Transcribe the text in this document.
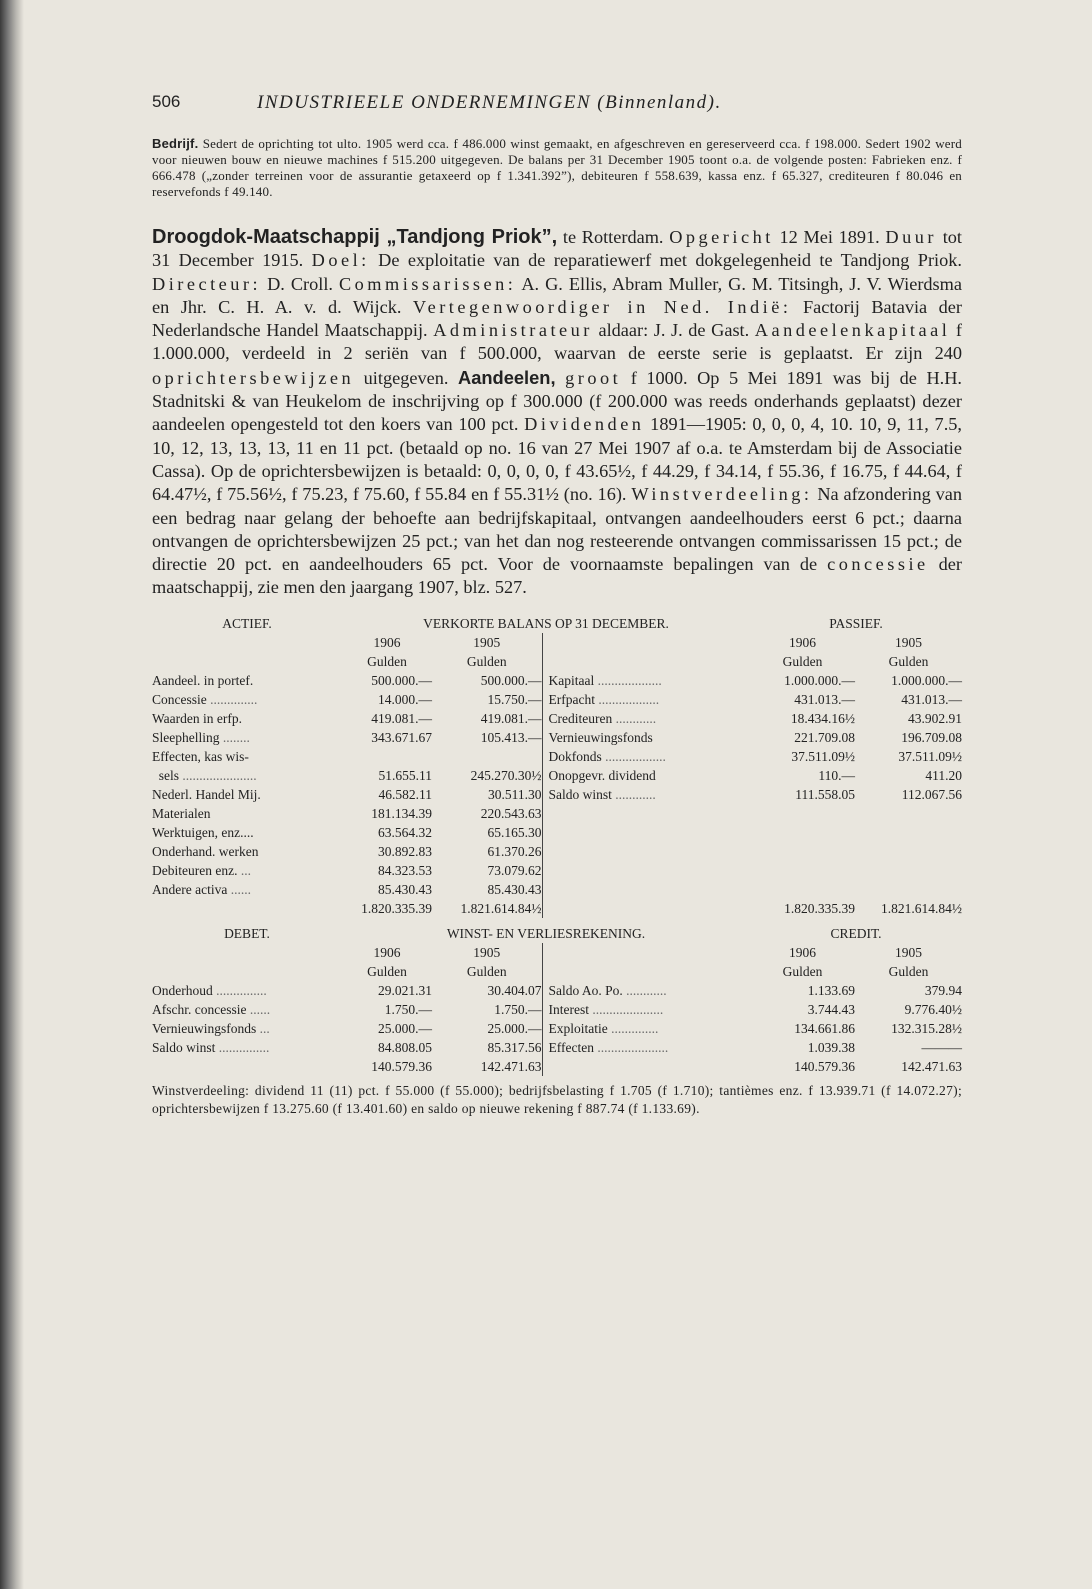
506	INDUSTRIEELE ONDERNEMINGEN (Binnenland).
Bedrijf. Sedert de oprichting tot ulto. 1905 werd cca. f 486.000 winst gemaakt, en afgeschreven en gereserveerd cca. f 198.000. Sedert 1902 werd voor nieuwen bouw en nieuwe machines f 515.200 uitgegeven. De balans per 31 December 1905 toont o.a. de volgende posten: Fabrieken enz. f 666.478 („zonder terreinen voor de assurantie getaxeerd op f 1.341.392”), debiteuren f 558.639, kassa enz. f 65.327, crediteuren f 80.046 en reservefonds f 49.140.

Droogdok-Maatschappij „Tandjong Priok”, te Rotterdam. Opgericht 12 Mei 1891. Duur tot 31 December 1915. Doel: De exploitatie van de reparatiewerf met dokgelegenheid te Tandjong Priok. Directeur: D. Croll. Commissarissen: A. G. Ellis, Abram Muller, G. M. Titsingh, J. V. Wierdsma en Jhr. C. H. A. v. d. Wijck. Vertegenwoordiger in Ned. Indië: Factorij Batavia der Nederlandsche Handel Maatschappij. Administrateur aldaar: J. J. de Gast. Aandeelenkapitaal f 1.000.000, verdeeld in 2 seriën van f 500.000, waarvan de eerste serie is geplaatst. Er zijn 240 oprichtersbewijzen uitgegeven. Aandeelen, groot f 1000. Op 5 Mei 1891 was bij de H.H. Stadnitski & van Heukelom de inschrijving op f 300.000 (f 200.000 was reeds onderhands geplaatst) dezer aandeelen opengesteld tot den koers van 100 pct. Dividenden 1891—1905: 0, 0, 0, 4, 10. 10, 9, 11, 7.5, 10, 12, 13, 13, 13, 11 en 11 pct. (betaald op no. 16 van 27 Mei 1907 af o.a. te Amsterdam bij de Associatie Cassa). Op de oprichtersbewijzen is betaald: 0, 0, 0, 0, f 43.65½, f 44.29, f 34.14, f 55.36, f 16.75, f 44.64, f 64.47½, f 75.56½, f 75.23, f 75.60, f 55.84 en f 55.31½ (no. 16). Winstverdeeling: Na afzondering van een bedrag naar gelang der behoefte aan bedrijfskapitaal, ontvangen aandeelhouders eerst 6 pct.; daarna ontvangen de oprichtersbewijzen 25 pct.; van het dan nog resteerende ontvangen commissarissen 15 pct.; de directie 20 pct. en aandeelhouders 65 pct. Voor de voornaamste bepalingen van de concessie der maatschappij, zie men den jaargang 1907, blz. 527.

ACTIEF.	VERKORTE BALANS OP 31 DECEMBER.			PASSIEF.	
	1906	1905		1906	1905
	Gulden	Gulden		Gulden	Gulden
Aandeel. in portef.	500.000.—	500.000.—	Kapitaal ...................	1.000.000.—	1.000.000.—
Concessie ..............	14.000.—	15.750.—	Erfpacht ..................	431.013.—	431.013.—
Waarden in erfp.	419.081.—	419.081.—	Crediteuren ............	18.434.16½	43.902.91
Sleephelling ........	343.671.67	105.413.—	Vernieuwingsfonds	221.709.08	196.709.08
Effecten, kas wis-			Dokfonds ..................	37.511.09½	37.511.09½
sels ......................	51.655.11	245.270.30½	Onopgevr. dividend	110.—	411.20
Nederl. Handel Mij.	46.582.11	30.511.30	Saldo winst ............	111.558.05	112.067.56
Materialen	181.134.39	220.543.63			
Werktuigen, enz....	63.564.32	65.165.30			
Onderhand. werken	30.892.83	61.370.26			
Debiteuren enz. ...	84.323.53	73.079.62			
Andere activa ......	85.430.43	85.430.43			
	1.820.335.39	1.821.614.84½		1.820.335.39	1.821.614.84½
DEBET.	WINST- EN VERLIESREKENING.			CREDIT.	
	1906	1905		1906	1905
	Gulden	Gulden		Gulden	Gulden
Onderhoud ...............	29.021.31	30.404.07	Saldo Ao. Po. ............	1.133.69	379.94
Afschr. concessie ......	1.750.—	1.750.—	Interest .....................	3.744.43	9.776.40½
Vernieuwingsfonds ...	25.000.—	25.000.—	Exploitatie ..............	134.661.86	132.315.28½
Saldo winst ...............	84.808.05	85.317.56	Effecten .....................	1.039.38	———
	140.579.36	142.471.63		140.579.36	142.471.63
Winstverdeeling: dividend 11 (11) pct. f 55.000 (f 55.000); bedrijfsbelasting f 1.705 (f 1.710); tantièmes enz. f 13.939.71 (f 14.072.27); oprichtersbewijzen f 13.275.60 (f 13.401.60) en saldo op nieuwe rekening f 887.74 (f 1.133.69).
